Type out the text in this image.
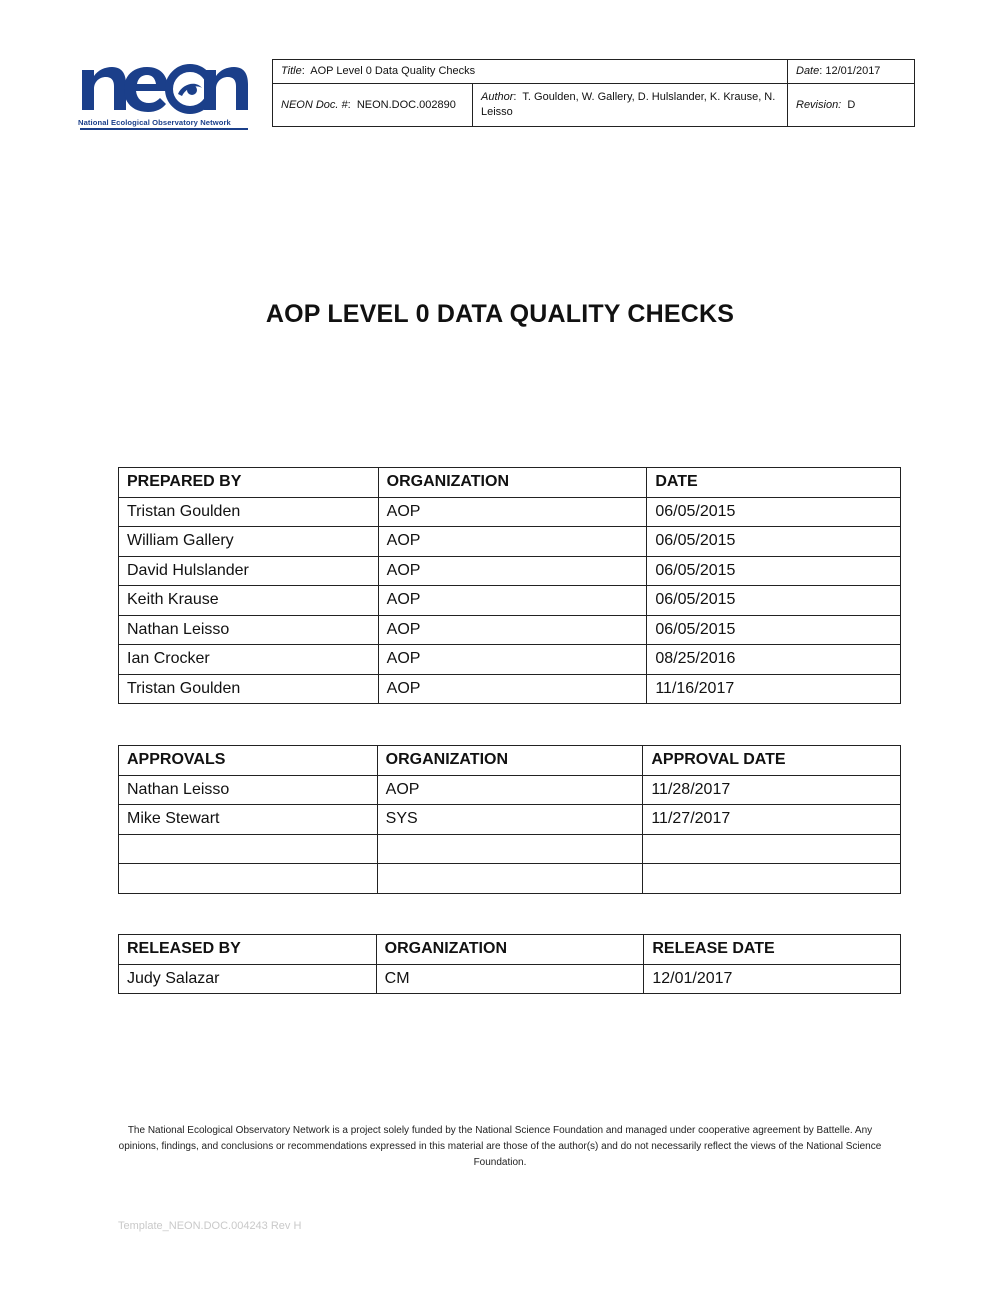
National Ecological Observatory Network
Title:  AOP Level 0 Data Quality Checks		Date: 12/01/2017
NEON Doc. #:  NEON.DOC.002890	Author:  T. Goulden, W. Gallery, D. Hulslander, K. Krause, N. Leisso	Revision: D
AOP LEVEL 0 DATA QUALITY CHECKS
PREPARED BY	ORGANIZATION	DATE
Tristan Goulden	AOP	06/05/2015
William Gallery	AOP	06/05/2015
David Hulslander	AOP	06/05/2015
Keith Krause	AOP	06/05/2015
Nathan Leisso	AOP	06/05/2015
Ian Crocker	AOP	08/25/2016
Tristan Goulden	AOP	11/16/2017
APPROVALS	ORGANIZATION	APPROVAL DATE
Nathan Leisso	AOP	11/28/2017
Mike Stewart	SYS	11/27/2017

RELEASED BY	ORGANIZATION	RELEASE DATE
Judy Salazar	CM	12/01/2017
The National Ecological Observatory Network is a project solely funded by the National Science Foundation and managed under cooperative agreement by Battelle. Any opinions, findings, and conclusions or recommendations expressed in this material are those of the author(s) and do not necessarily reflect the views of the National Science Foundation.
Template_NEON.DOC.004243 Rev H
